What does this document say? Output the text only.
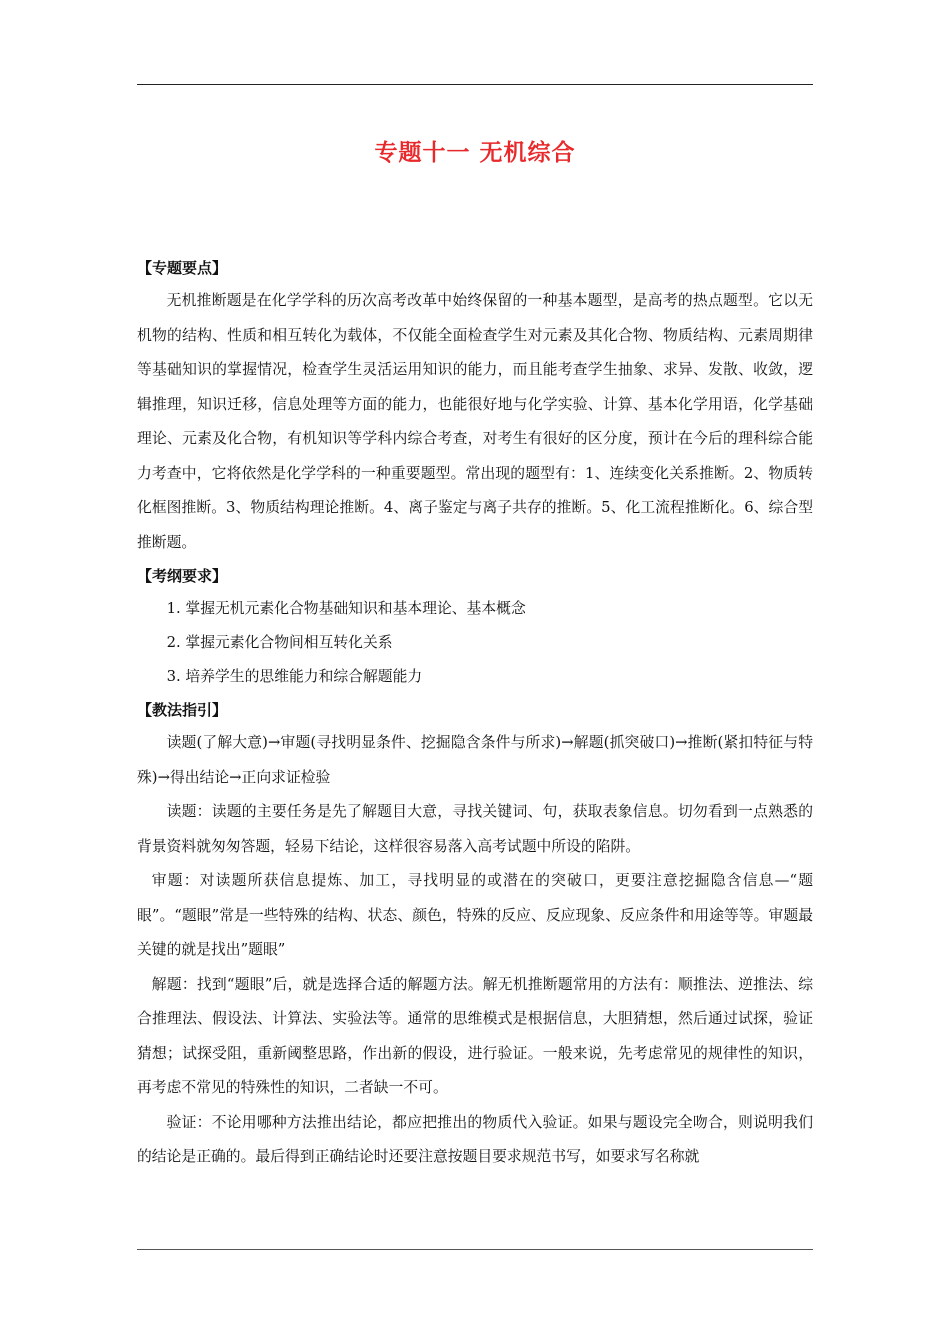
专题十一 无机综合
【专题要点】

无机推断题是在化学学科的历次高考改革中始终保留的一种基本题型，是高考的热点题型。它以无机物的结构、性质和相互转化为载体，不仅能全面检查学生对元素及其化合物、物质结构、元素周期律等基础知识的掌握情况，检查学生灵活运用知识的能力，而且能考查学生抽象、求异、发散、收敛，逻辑推理，知识迁移，信息处理等方面的能力，也能很好地与化学实验、计算、基本化学用语，化学基础理论、元素及化合物，有机知识等学科内综合考查，对考生有很好的区分度，预计在今后的理科综合能力考查中，它将依然是化学学科的一种重要题型。常出现的题型有：1、连续变化关系推断。2、物质转化框图推断。3、物质结构理论推断。4、离子鉴定与离子共存的推断。5、化工流程推断化。6、综合型推断题。

【考纲要求】
1. 掌握无机元素化合物基础知识和基本理论、基本概念
2. 掌握元素化合物间相互转化关系
3. 培养学生的思维能力和综合解题能力
【教法指引】

读题(了解大意)→审题(寻找明显条件、挖掘隐含条件与所求)→解题(抓突破口)→推断(紧扣特征与特殊)→得出结论→正向求证检验

读题：读题的主要任务是先了解题目大意，寻找关键词、句，获取表象信息。切勿看到一点熟悉的背景资料就匆匆答题，轻易下结论，这样很容易落入高考试题中所设的陷阱。

审题：对读题所获信息提炼、加工，寻找明显的或潜在的突破口，更要注意挖掘隐含信息—“题眼”。“题眼”常是一些特殊的结构、状态、颜色，特殊的反应、反应现象、反应条件和用途等等。审题最关键的就是找出”题眼”

解题：找到“题眼”后，就是选择合适的解题方法。解无机推断题常用的方法有：顺推法、逆推法、综合推理法、假设法、计算法、实验法等。通常的思维模式是根据信息，大胆猜想，然后通过试探，验证猜想；试探受阻，重新阈整思路，作出新的假设，进行验证。一般来说，先考虑常见的规律性的知识，再考虑不常见的特殊性的知识，二者缺一不可。

验证：不论用哪种方法推出结论，都应把推出的物质代入验证。如果与题设完全吻合，则说明我们的结论是正确的。最后得到正确结论时还要注意按题目要求规范书写，如要求写名称就
